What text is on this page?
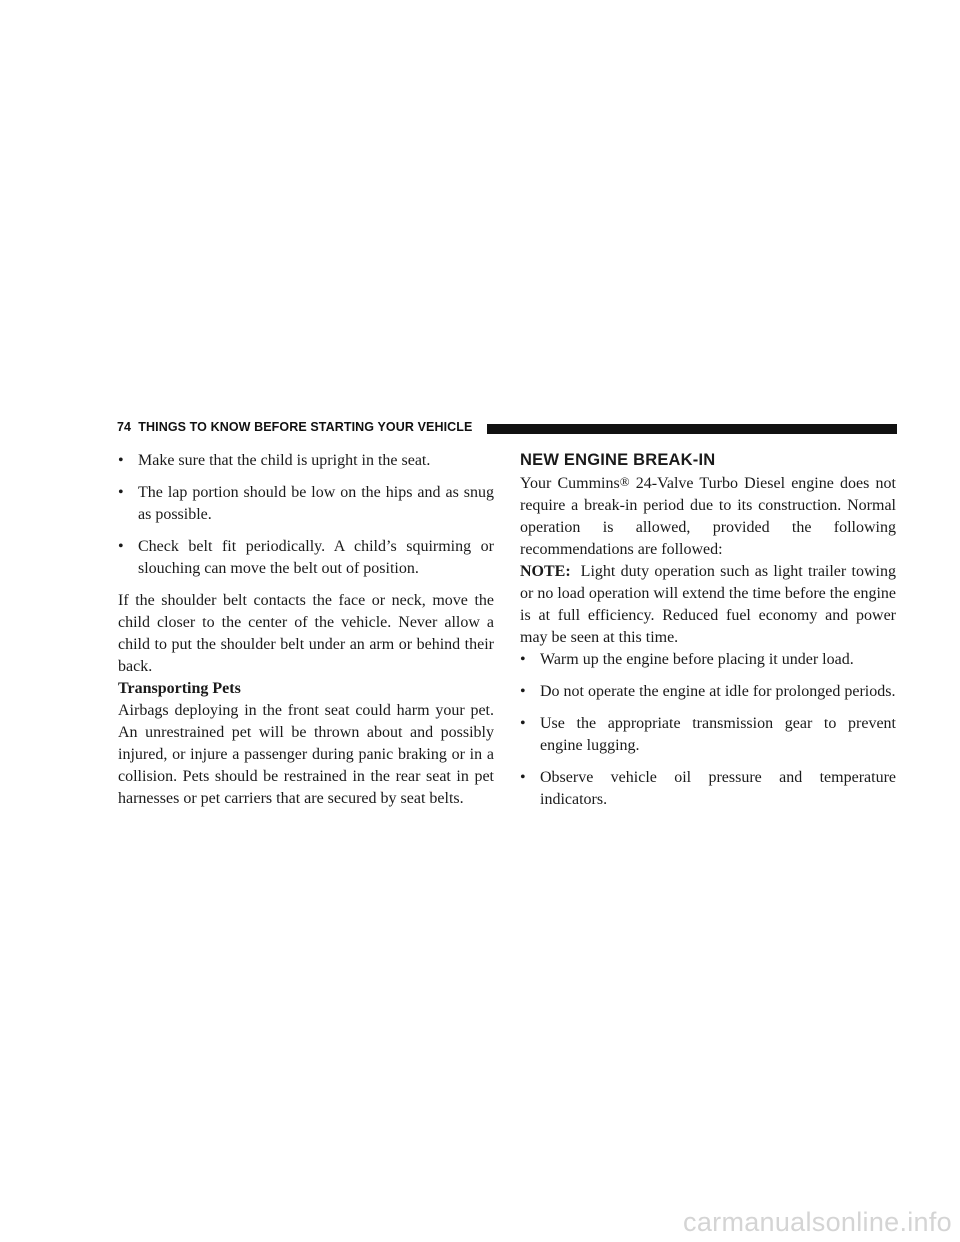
74 THINGS TO KNOW BEFORE STARTING YOUR VEHICLE
• Make sure that the child is upright in the seat.

• The lap portion should be low on the hips and as snug as possible.

• Check belt fit periodically. A child’s squirming or slouching can move the belt out of position.

If the shoulder belt contacts the face or neck, move the child closer to the center of the vehicle. Never allow a child to put the shoulder belt under an arm or behind their back.

Transporting Pets

Airbags deploying in the front seat could harm your pet. An unrestrained pet will be thrown about and possibly injured, or injure a passenger during panic braking or in a collision. Pets should be restrained in the rear seat in pet harnesses or pet carriers that are secured by seat belts.

NEW ENGINE BREAK-IN

Your Cummins® 24-Valve Turbo Diesel engine does not require a break-in period due to its construction. Normal operation is allowed, provided the following recommendations are followed:

NOTE: Light duty operation such as light trailer towing or no load operation will extend the time before the engine is at full efficiency. Reduced fuel economy and power may be seen at this time.

• Warm up the engine before placing it under load.

• Do not operate the engine at idle for prolonged periods.

• Use the appropriate transmission gear to prevent engine lugging.

• Observe vehicle oil pressure and temperature indicators.

carmanualsonline.info
